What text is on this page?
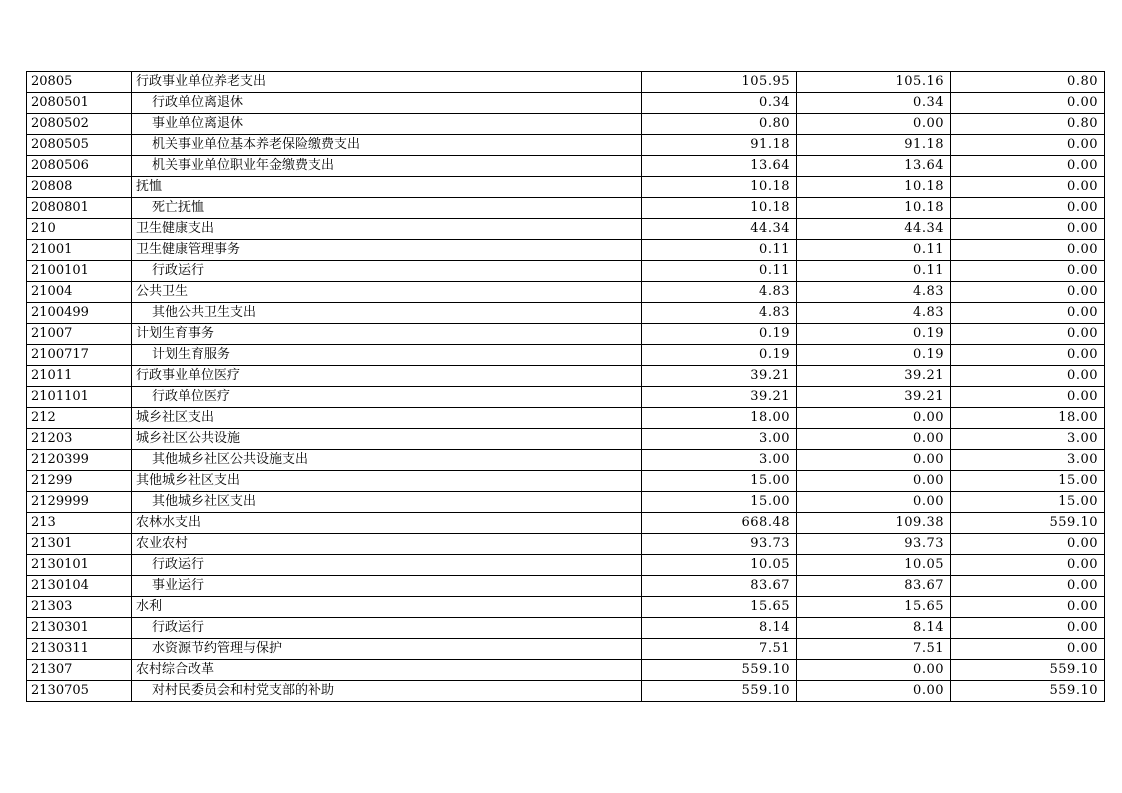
20805	行政事业单位养老支出	105.95	105.16	0.80
2080501	行政单位离退休	0.34	0.34	0.00
2080502	事业单位离退休	0.80	0.00	0.80
2080505	机关事业单位基本养老保险缴费支出	91.18	91.18	0.00
2080506	机关事业单位职业年金缴费支出	13.64	13.64	0.00
20808	抚恤	10.18	10.18	0.00
2080801	死亡抚恤	10.18	10.18	0.00
210	卫生健康支出	44.34	44.34	0.00
21001	卫生健康管理事务	0.11	0.11	0.00
2100101	行政运行	0.11	0.11	0.00
21004	公共卫生	4.83	4.83	0.00
2100499	其他公共卫生支出	4.83	4.83	0.00
21007	计划生育事务	0.19	0.19	0.00
2100717	计划生育服务	0.19	0.19	0.00
21011	行政事业单位医疗	39.21	39.21	0.00
2101101	行政单位医疗	39.21	39.21	0.00
212	城乡社区支出	18.00	0.00	18.00
21203	城乡社区公共设施	3.00	0.00	3.00
2120399	其他城乡社区公共设施支出	3.00	0.00	3.00
21299	其他城乡社区支出	15.00	0.00	15.00
2129999	其他城乡社区支出	15.00	0.00	15.00
213	农林水支出	668.48	109.38	559.10
21301	农业农村	93.73	93.73	0.00
2130101	行政运行	10.05	10.05	0.00
2130104	事业运行	83.67	83.67	0.00
21303	水利	15.65	15.65	0.00
2130301	行政运行	8.14	8.14	0.00
2130311	水资源节约管理与保护	7.51	7.51	0.00
21307	农村综合改革	559.10	0.00	559.10
2130705	对村民委员会和村党支部的补助	559.10	0.00	559.10
